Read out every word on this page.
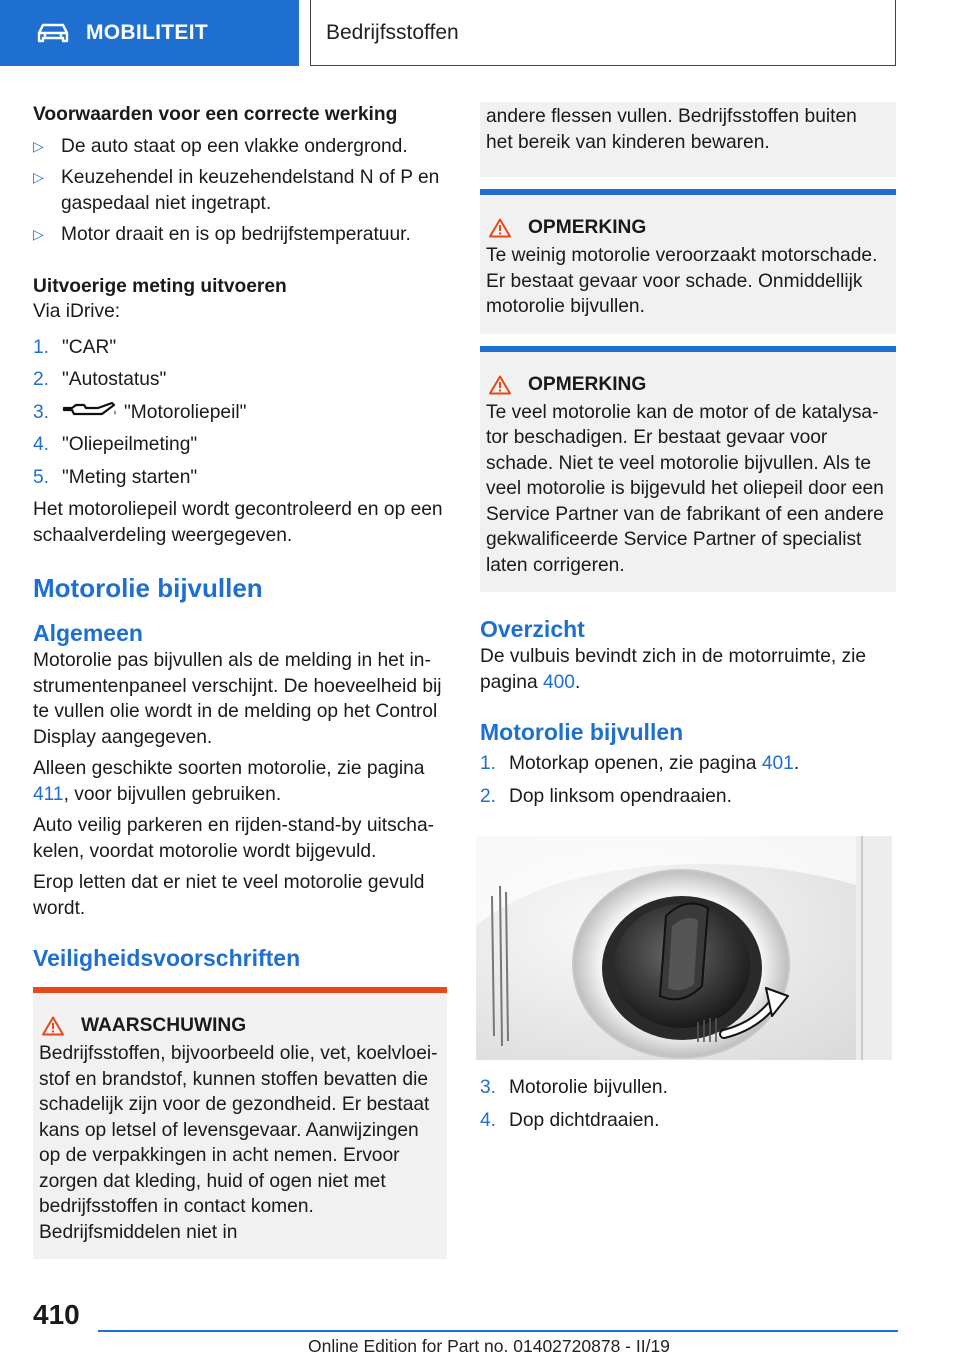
MOBILITEIT	Bedrijfsstoffen
Voorwaarden voor een correcte werking
▷ De auto staat op een vlakke ondergrond.
▷ Keuzehendel in keuzehendelstand N of P en gaspedaal niet ingetrapt.
▷ Motor draait en is op bedrijfstemperatuur.
Uitvoerige meting uitvoeren

Via iDrive:

1. "CAR"
2. "Autostatus"
3.	"Motoroliepeil"
4. "Oliepeilmeting"
5. "Meting starten"

Het motoroliepeil wordt gecontroleerd en op een schaalverdeling weergegeven.

Motorolie bijvullen
Algemeen

Motorolie pas bijvullen als de melding in het instrumentenpaneel verschijnt. De hoeveelheid bij te vullen olie wordt in de melding op het Control Display aangegeven.

Alleen geschikte soorten motorolie, zie pagina 411, voor bijvullen gebruiken.

Auto veilig parkeren en rijden-stand-by uitschakelen, voordat motorolie wordt bijgevuld.

Erop letten dat er niet te veel motorolie gevuld wordt.

Veiligheidsvoorschriften
WAARSCHUWING

Bedrijfsstoffen, bijvoorbeeld olie, vet, koelvloeistof en brandstof, kunnen stoffen bevatten die schadelijk zijn voor de gezondheid. Er bestaat kans op letsel of levensgevaar. Aanwijzingen op de verpakkingen in acht nemen. Ervoor zorgen dat kleding, huid of ogen niet met bedrijfsstoffen in contact komen. Bedrijfsmiddelen niet in

andere flessen vullen. Bedrijfsstoffen buiten het bereik van kinderen bewaren.

OPMERKING

Te weinig motorolie veroorzaakt motorschade. Er bestaat gevaar voor schade. Onmiddellijk motorolie bijvullen.

OPMERKING

Te veel motorolie kan de motor of de katalysator beschadigen. Er bestaat gevaar voor schade. Niet te veel motorolie bijvullen. Als te veel motorolie is bijgevuld het oliepeil door een Service Partner van de fabrikant of een andere gekwalificeerde Service Partner of specialist laten corrigeren.

Overzicht

De vulbuis bevindt zich in de motorruimte, zie pagina 400.

Motorolie bijvullen
1. Motorkap openen, zie pagina 401.
2. Dop linksom opendraaien.
3. Motorolie bijvullen.
4. Dop dichtdraaien.
410
Online Edition for Part no. 01402720878 - II/19
